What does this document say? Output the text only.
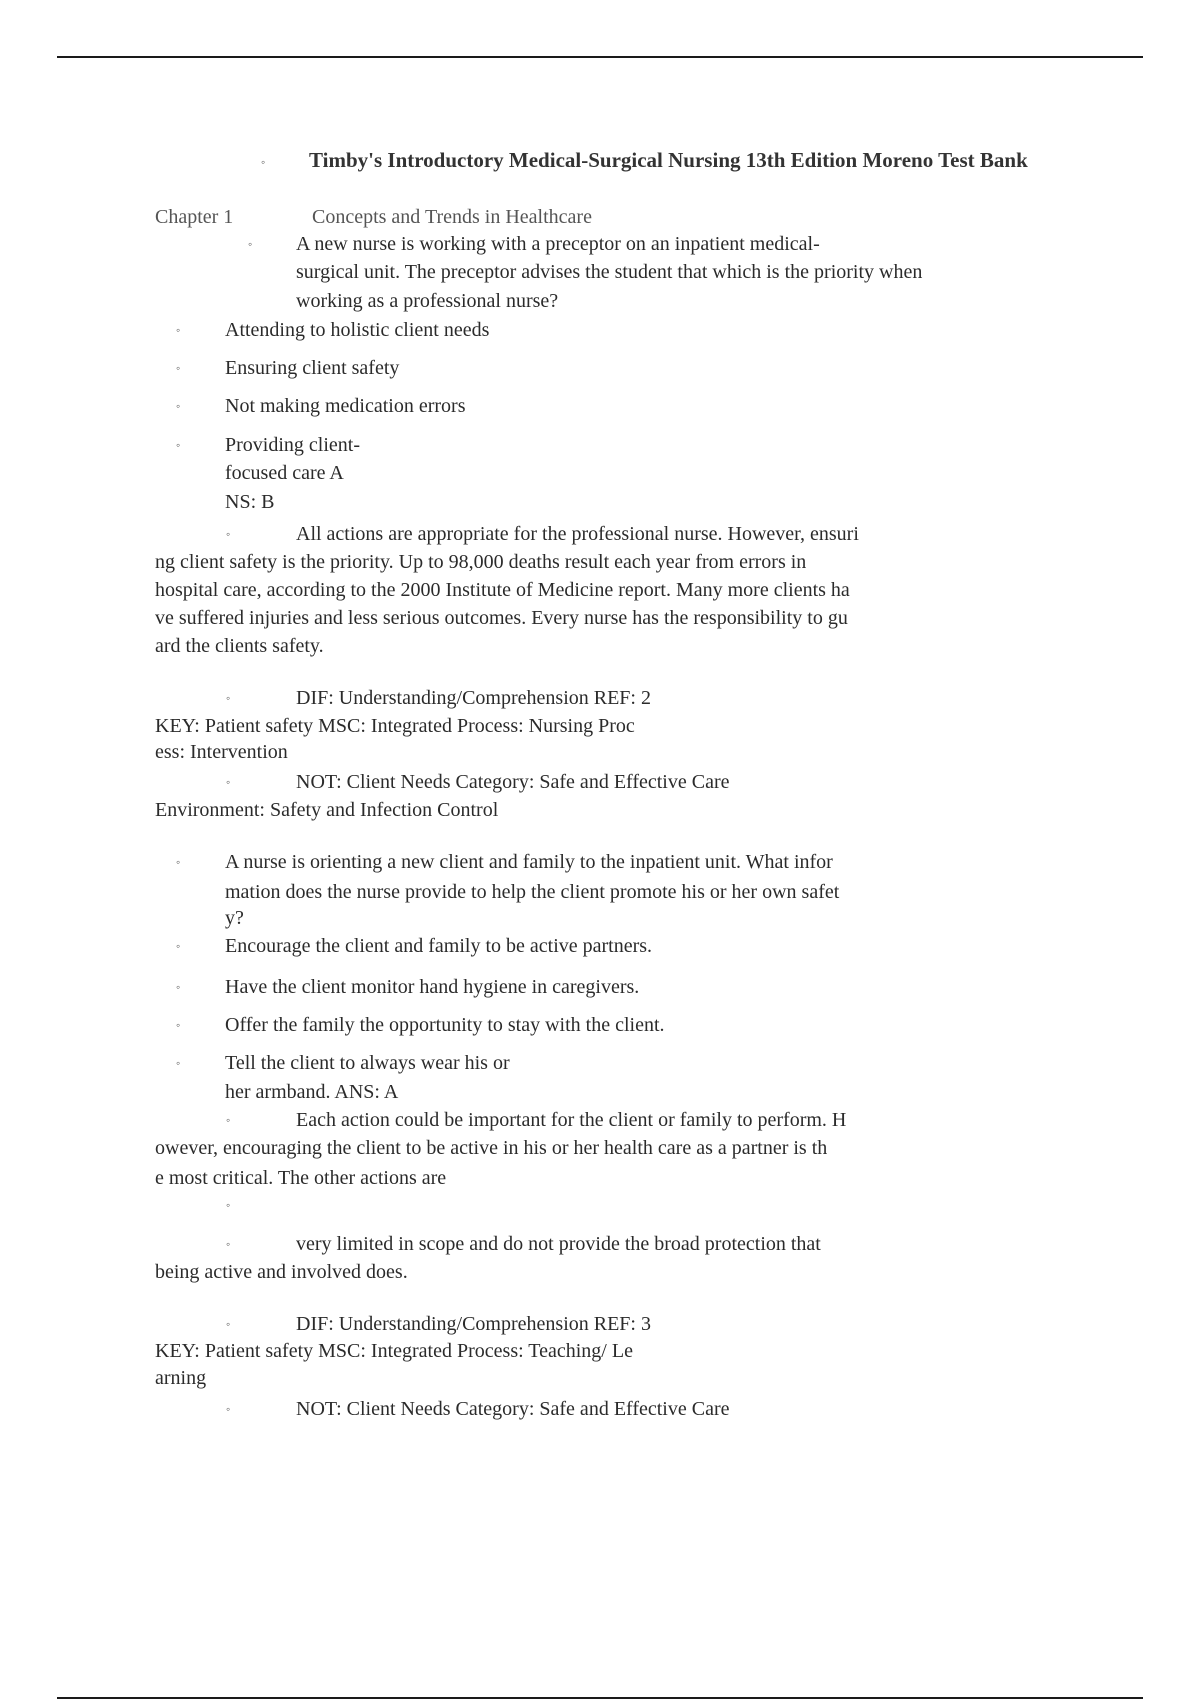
◦ Timby's Introductory Medical-Surgical Nursing 13th Edition Moreno Test Bank
Chapter 1	Concepts and Trends in Healthcare
◦ A new nurse is working with a preceptor on an inpatient medical-
surgical unit. The preceptor advises the student that which is the priority when
working as a professional nurse?
◦ Attending to holistic client needs
◦ Ensuring client safety
◦ Not making medication errors
◦ Providing client-
focused care A
NS: B
◦	All actions are appropriate for the professional nurse. However, ensuri
ng client safety is the priority. Up to 98,000 deaths result each year from errors in
hospital care, according to the 2000 Institute of Medicine report. Many more clients ha
ve suffered injuries and less serious outcomes. Every nurse has the responsibility to gu
ard the clients safety.
◦	DIF: Understanding/Comprehension REF: 2
KEY: Patient safety MSC: Integrated Process: Nursing Proc
ess: Intervention
◦	NOT: Client Needs Category: Safe and Effective Care
Environment: Safety and Infection Control
◦ A nurse is orienting a new client and family to the inpatient unit. What infor
mation does the nurse provide to help the client promote his or her own safet
y?
◦ Encourage the client and family to be active partners.
◦ Have the client monitor hand hygiene in caregivers.
◦ Offer the family the opportunity to stay with the client.
◦ Tell the client to always wear his or
her armband. ANS: A
◦	Each action could be important for the client or family to perform. H
owever, encouraging the client to be active in his or her health care as a partner is th
e most critical. The other actions are
◦
◦	very limited in scope and do not provide the broad protection that
being active and involved does.
◦	DIF: Understanding/Comprehension REF: 3
KEY: Patient safety MSC: Integrated Process: Teaching/ Le
arning
◦	NOT: Client Needs Category: Safe and Effective Care
